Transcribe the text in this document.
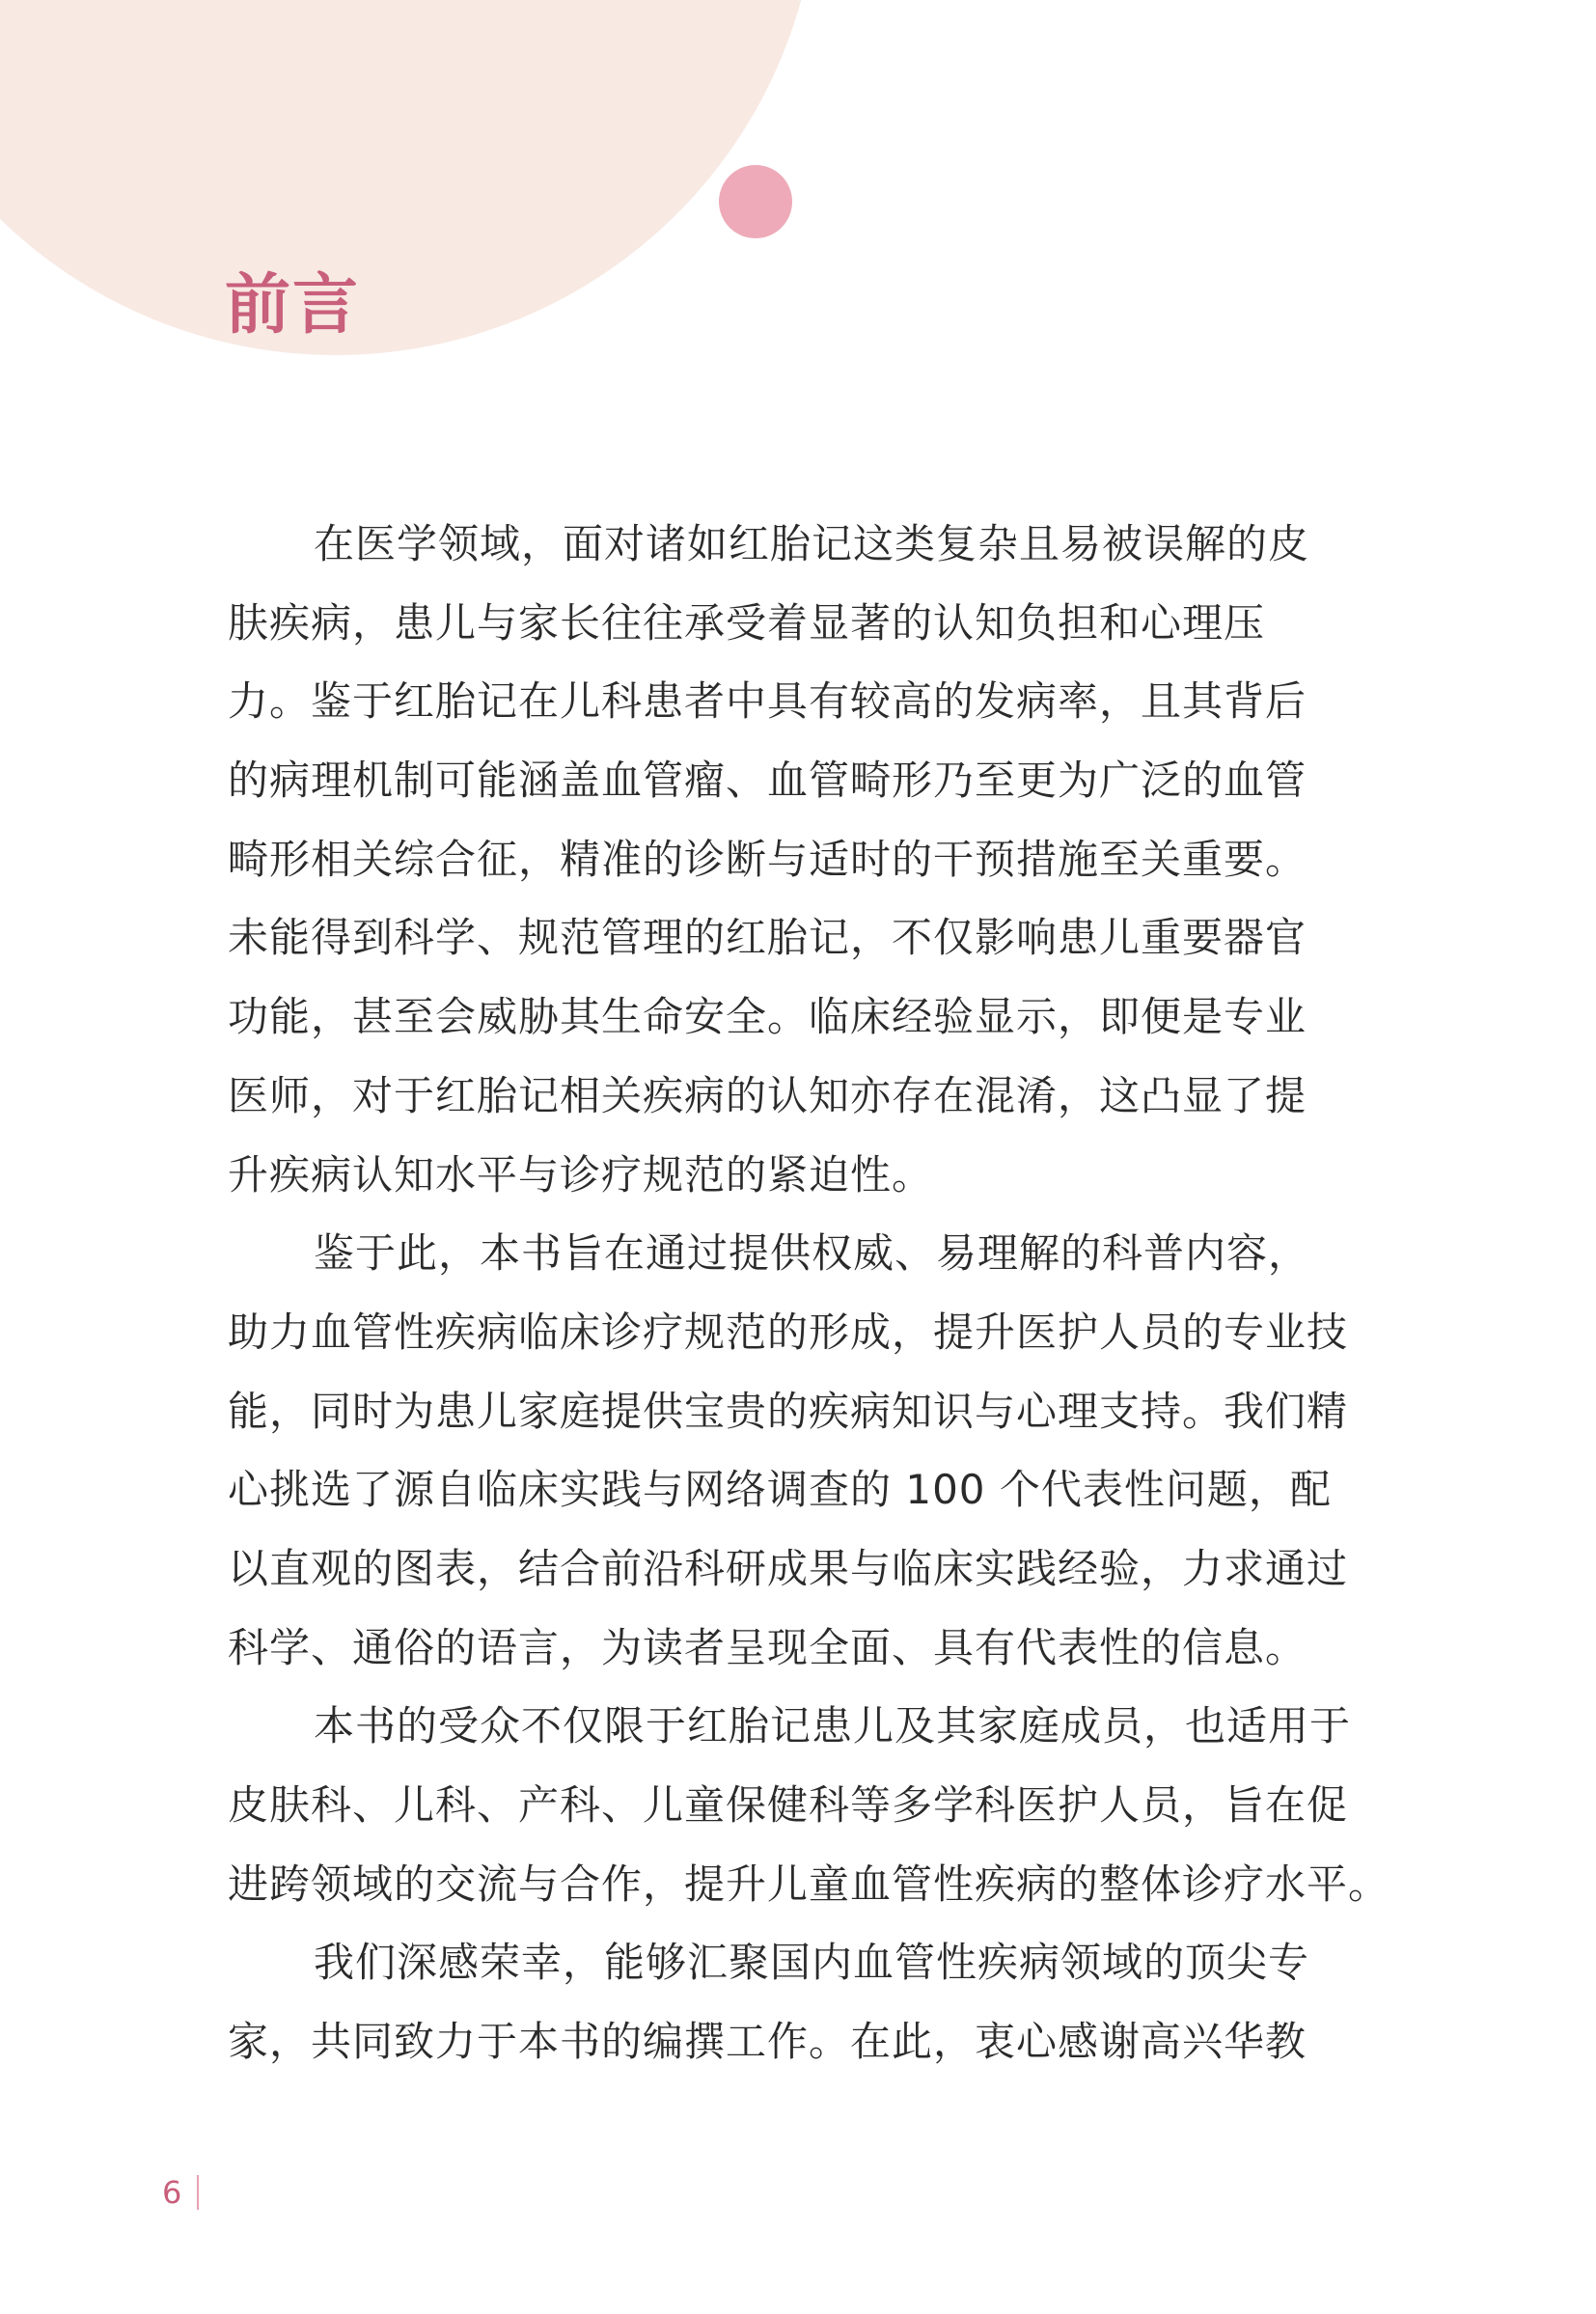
前言
在医学领域，面对诸如红胎记这类复杂且易被误解的皮
肤疾病，患儿与家长往往承受着显著的认知负担和心理压
力。鉴于红胎记在儿科患者中具有较高的发病率，且其背后
的病理机制可能涵盖血管瘤、血管畸形乃至更为广泛的血管
畸形相关综合征，精准的诊断与适时的干预措施至关重要。
未能得到科学、规范管理的红胎记，不仅影响患儿重要器官
功能，甚至会威胁其生命安全。临床经验显示，即便是专业
医师，对于红胎记相关疾病的认知亦存在混淆，这凸显了提
升疾病认知水平与诊疗规范的紧迫性。
鉴于此，本书旨在通过提供权威、易理解的科普内容，
助力血管性疾病临床诊疗规范的形成，提升医护人员的专业技
能，同时为患儿家庭提供宝贵的疾病知识与心理支持。我们精
心挑选了源自临床实践与网络调查的 100 个代表性问题，配
以直观的图表，结合前沿科研成果与临床实践经验，力求通过
科学、通俗的语言，为读者呈现全面、具有代表性的信息。
本书的受众不仅限于红胎记患儿及其家庭成员，也适用于
皮肤科、儿科、产科、儿童保健科等多学科医护人员，旨在促
进跨领域的交流与合作，提升儿童血管性疾病的整体诊疗水平。
我们深感荣幸，能够汇聚国内血管性疾病领域的顶尖专
家，共同致力于本书的编撰工作。在此，衷心感谢高兴华教
6
